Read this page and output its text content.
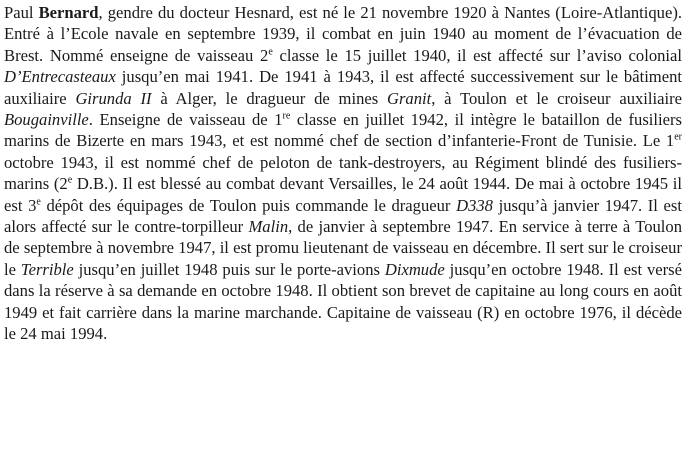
Paul Bernard, gendre du docteur Hesnard, est né le 21 novembre 1920 à Nantes (Loire-Atlantique). Entré à l’Ecole navale en septembre 1939, il combat en juin 1940 au moment de l’évacuation de Brest. Nommé enseigne de vaisseau 2e classe le 15 juillet 1940, il est affecté sur l’aviso colonial D’Entrecasteaux jusqu’en mai 1941. De 1941 à 1943, il est affecté successivement sur le bâtiment auxiliaire Girunda II à Alger, le dragueur de mines Granit, à Toulon et le croiseur auxiliaire Bougainville. Enseigne de vaisseau de 1re classe en juillet 1942, il intègre le bataillon de fusiliers marins de Bizerte en mars 1943, et est nommé chef de section d’infanterie-Front de Tunisie. Le 1er octobre 1943, il est nommé chef de peloton de tank-destroyers, au Régiment blindé des fusiliers-marins (2e D.B.). Il est blessé au combat devant Versailles, le 24 août 1944. De mai à octobre 1945 il est 3e dépôt des équipages de Toulon puis commande le dragueur D338 jusqu’à janvier 1947. Il est alors affecté sur le contre-torpilleur Malin, de janvier à septembre 1947. En service à terre à Toulon de septembre à novembre 1947, il est promu lieutenant de vaisseau en décembre. Il sert sur le croiseur le Terrible jusqu’en juillet 1948 puis sur le porte-avions Dixmude jusqu’en octobre 1948. Il est versé dans la réserve à sa demande en octobre 1948. Il obtient son brevet de capitaine au long cours en août 1949 et fait carrière dans la marine marchande. Capitaine de vaisseau (R) en octobre 1976, il décède le 24 mai 1994.
